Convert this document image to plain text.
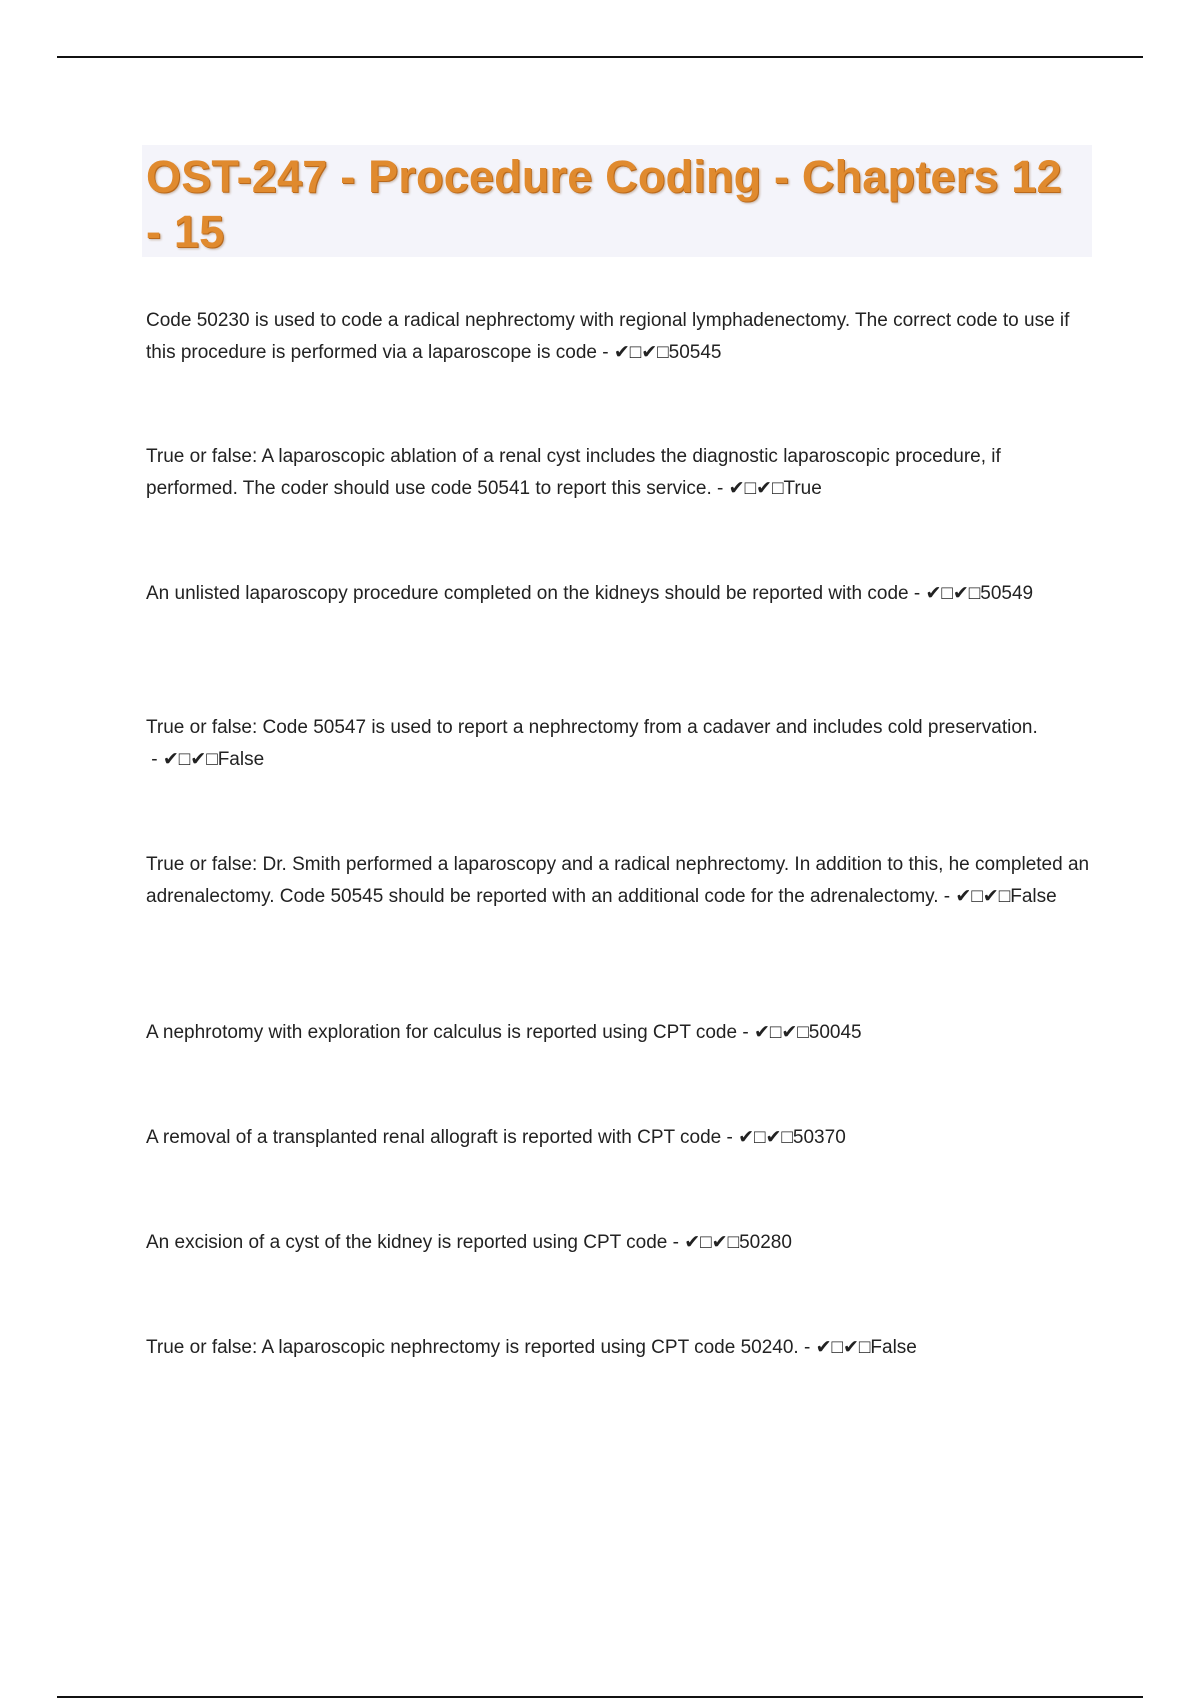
OST-247 - Procedure Coding - Chapters 12 - 15

Code 50230 is used to code a radical nephrectomy with regional lymphadenectomy. The correct code to use if this procedure is performed via a laparoscope is code - ✔□✔□50545

True or false: A laparoscopic ablation of a renal cyst includes the diagnostic laparoscopic procedure, if performed. The coder should use code 50541 to report this service. - ✔□✔□True

An unlisted laparoscopy procedure completed on the kidneys should be reported with code - ✔□✔□50549

True or false: Code 50547 is used to report a nephrectomy from a cadaver and includes cold preservation. - ✔□✔□False

True or false: Dr. Smith performed a laparoscopy and a radical nephrectomy. In addition to this, he completed an adrenalectomy. Code 50545 should be reported with an additional code for the adrenalectomy. - ✔□✔□False

A nephrotomy with exploration for calculus is reported using CPT code - ✔□✔□50045

A removal of a transplanted renal allograft is reported with CPT code - ✔□✔□50370

An excision of a cyst of the kidney is reported using CPT code - ✔□✔□50280

True or false: A laparoscopic nephrectomy is reported using CPT code 50240. - ✔□✔□False
